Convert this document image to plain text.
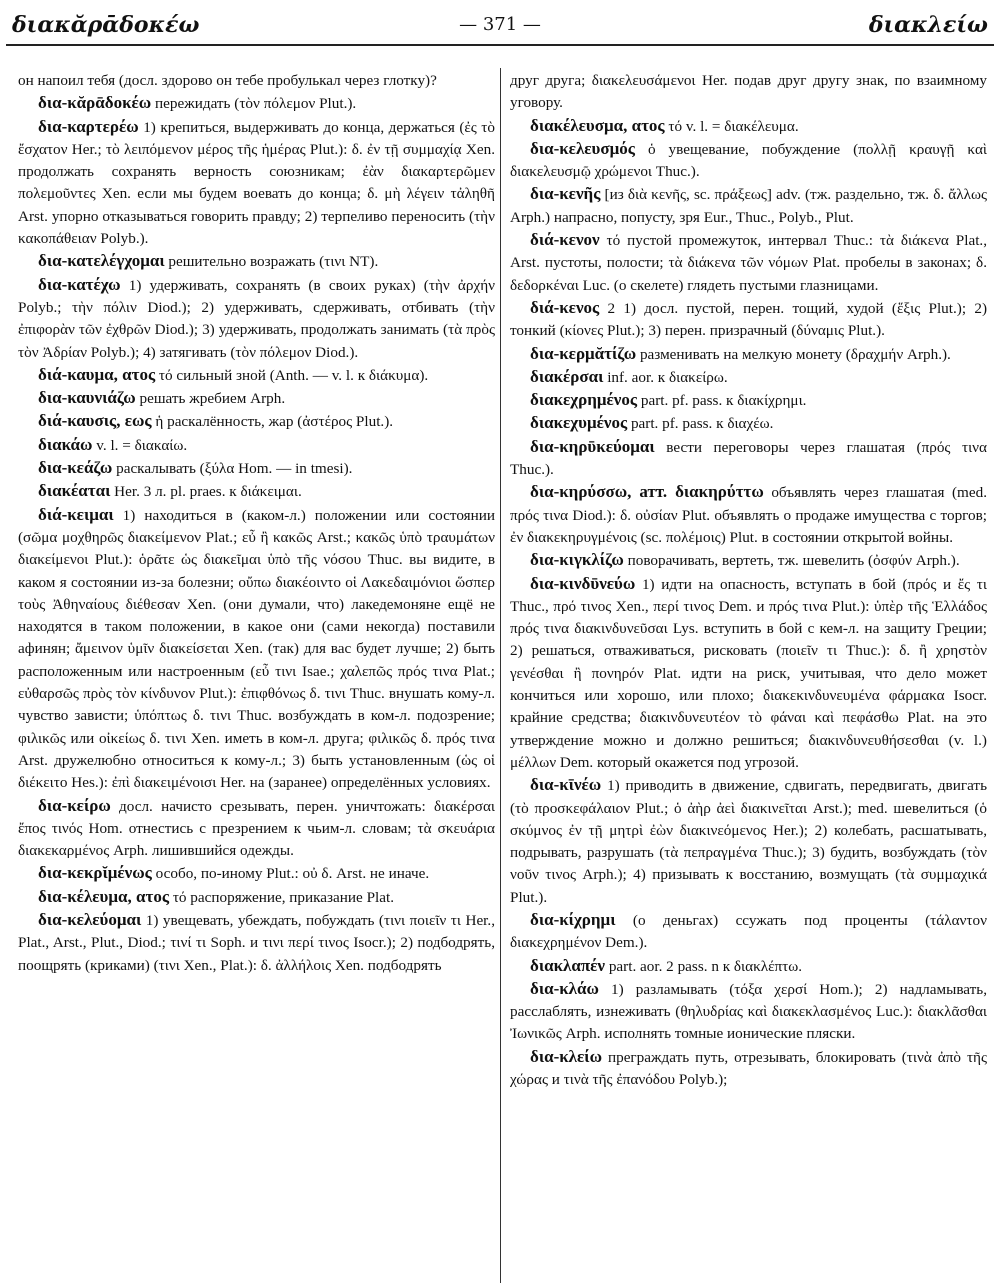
διακᾰρᾱδοκέω	— 371 —	διακλείω

он напоил тебя (досл. здорово он тебе пробулькал через глотку)?

δια-κᾰρᾱδοκέω пережидать (τὸν πόλεμον Plut.).

δια-καρτερέω 1) крепиться, выдерживать до конца, держаться (ἐς τὸ ἔσχατον Her.; τὸ λειπόμενον μέρος τῆς ἡμέρας Plut.): δ. ἐν τῇ συμμαχίᾳ Xen. продолжать сохранять верность союзникам; ἐὰν διακαρτερῶμεν πολεμοῦντες Xen. если мы будем воевать до конца; δ. μὴ λέγειν τἀληθῆ Arst. упорно отказываться говорить правду; 2) терпеливо переносить (τὴν κακοπάθειαν Polyb.).

δια-κατελέγχομαι решительно возражать (τινι NT).

δια-κατέχω 1) удерживать, сохранять (в своих руках) (τὴν ἀρχήν Polyb.; τὴν πόλιν Diod.); 2) удерживать, сдерживать, отбивать (τὴν ἐπιφορὰν τῶν ἐχθρῶν Diod.); 3) удерживать, продолжать занимать (τὰ πρὸς τὸν Ἀδρίαν Polyb.); 4) затягивать (τὸν πόλεμον Diod.).

διά-καυμα, ατος τό сильный зной (Anth. — v. l. к διάκυμα).

δια-καυνιάζω решать жребием Arph.

διά-καυσις, εως ἡ раскалённость, жар (ἀστέρος Plut.).

διακάω v. l. = διακαίω.

δια-κεάζω раскалывать (ξύλα Hom. — in tmesi).

διακέαται Her. 3 л. pl. praes. к διάκειμαι.

διά-κειμαι 1) находиться в (каком-л.) положении или состоянии (σῶμα μοχθηρῶς διακείμενον Plat.; εὖ ἢ κακῶς Arst.; κακῶς ὑπὸ τραυμάτων διακείμενοι Plut.): ὁρᾶτε ὡς διακεῖμαι ὑπὸ τῆς νόσου Thuc. вы видите, в каком я состоянии из-за болезни; οὔπω διακέοιντο οἱ Λακεδαιμόνιοι ὥσπερ τοὺς Ἀθηναίους διέθεσαν Xen. (они думали, что) лакедемоняне ещё не находятся в таком положении, в какое они (сами некогда) поставили афинян; ἄμεινον ὑμῖν διακείσεται Xen. (так) для вас будет лучше; 2) быть расположенным или настроенным (εὖ τινι Isae.; χαλεπῶς πρός τινα Plat.; εὐθαρσῶς πρὸς τὸν κίνδυνον Plut.): ἐπιφθόνως δ. τινι Thuc. внушать кому-л. чувство зависти; ὑπόπτως δ. τινι Thuc. возбуждать в ком-л. подозрение; φιλικῶς или οἰκείως δ. τινι Xen. иметь в ком-л. друга; φιλικῶς δ. πρός τινα Arst. дружелюбно относиться к кому-л.; 3) быть установленным (ὡς οἱ διέκειτο Hes.): ἐπὶ διακειμένοισι Her. на (заранее) определённых условиях.

δια-κείρω досл. начисто срезывать, перен. уничтожать: διακέρσαι ἔπος τινός Hom. отнестись с презрением к чьим-л. словам; τὰ σκευάρια διακεκαρμένος Arph. лишившийся одежды.

δια-κεκρῐμένως особо, по-иному Plut.: οὐ δ. Arst. не иначе.

δια-κέλευμα, ατος τό распоряжение, приказание Plat.

δια-κελεύομαι 1) увещевать, убеждать, побуждать (τινι ποιεῖν τι Her., Plat., Arst., Plut., Diod.; τινί τι Soph. и τινι περί τινος Isocr.); 2) подбодрять, поощрять (криками) (τινι Xen., Plat.): δ. ἀλλήλοις Xen. подбодрять

друг друга; διακελευσάμενοι Her. подав друг другу знак, по взаимному уговору.

διακέλευσμα, ατος τό v. l. = διακέλευμα.

δια-κελευσμός ὁ увещевание, побуждение (πολλῇ κραυγῇ καὶ διακελευσμῷ χρώμενοι Thuc.).

δια-κενῆς [из διὰ κενῆς, sc. πράξεως] adv. (тж. раздельно, тж. δ. ἄλλως Arph.) напрасно, попусту, зря Eur., Thuc., Polyb., Plut.

διά-κενον τό пустой промежуток, интервал Thuc.: τὰ διάκενα Plat., Arst. пустоты, полости; τὰ διάκενα τῶν νόμων Plat. пробелы в законах; δ. δεδορκέναι Luc. (о скелете) глядеть пустыми глазницами.

διά-κενος 2 1) досл. пустой, перен. тощий, худой (ἕξις Plut.); 2) тонкий (κίονες Plut.); 3) перен. призрачный (δύναμις Plut.).

δια-κερμᾰτίζω разменивать на мелкую монету (δραχμήν Arph.).

διακέρσαι inf. aor. к διακείρω.

διακεχρημένος part. pf. pass. к διακίχρημι.

διακεχυμένος part. pf. pass. к διαχέω.

δια-κηρῡκεύομαι вести переговоры через глашатая (πρός τινα Thuc.).

δια-κηρύσσω, атт. διακηρύττω объявлять через глашатая (med. πρός τινα Diod.): δ. οὐσίαν Plut. объявлять о продаже имущества с торгов; ἐν διακεκηρυγμένοις (sc. πολέμοις) Plut. в состоянии открытой войны.

δια-κιγκλίζω поворачивать, вертеть, тж. шевелить (ὀσφύν Arph.).

δια-κινδῡνεύω 1) идти на опасность, вступать в бой (πρός и ἔς τι Thuc., πρό τινος Xen., περί τινος Dem. и πρός τινα Plut.): ὑπὲρ τῆς Ἑλλάδος πρός τινα διακινδυνεῦσαι Lys. вступить в бой с кем-л. на защиту Греции; 2) решаться, отваживаться, рисковать (ποιεῖν τι Thuc.): δ. ἢ χρηστὸν γενέσθαι ἢ πονηρόν Plat. идти на риск, учитывая, что дело может кончиться или хорошо, или плохо; διακεκινδυνευμένα φάρμακα Isocr. крайние средства; διακινδυνευτέον τὸ φάναι καὶ πεφάσθω Plat. на это утверждение можно и должно решиться; διακινδυνευθήσεσθαι (v. l.) μέλλων Dem. который окажется под угрозой.

δια-κῑνέω 1) приводить в движение, сдвигать, передвигать, двигать (τὸ προσκεφάλαιον Plut.; ὁ ἀὴρ ἀεὶ διακινεῖται Arst.); med. шевелиться (ὁ σκύμνος ἐν τῇ μητρὶ ἐὼν διακινεόμενος Her.); 2) колебать, расшатывать, подрывать, разрушать (τὰ πεπραγμένα Thuc.); 3) будить, возбуждать (τὸν νοῦν τινος Arph.); 4) призывать к восстанию, возмущать (τὰ συμμαχικά Plut.).

δια-κίχρημι (о деньгах) ссужать под проценты (τάλαντον διακεχρημένον Dem.).

διακλαπέν part. aor. 2 pass. n к διακλέπτω.

δια-κλάω 1) разламывать (τόξα χερσί Hom.); 2) надламывать, расслаблять, изнеживать (θηλυδρίας καὶ διακεκλασμένος Luc.): διακλᾶσθαι Ἰωνικῶς Arph. исполнять томные ионические пляски.

δια-κλείω преграждать путь, отрезывать, блокировать (τινὰ ἀπὸ τῆς χώρας и τινὰ τῆς ἐπανόδου Polyb.);
